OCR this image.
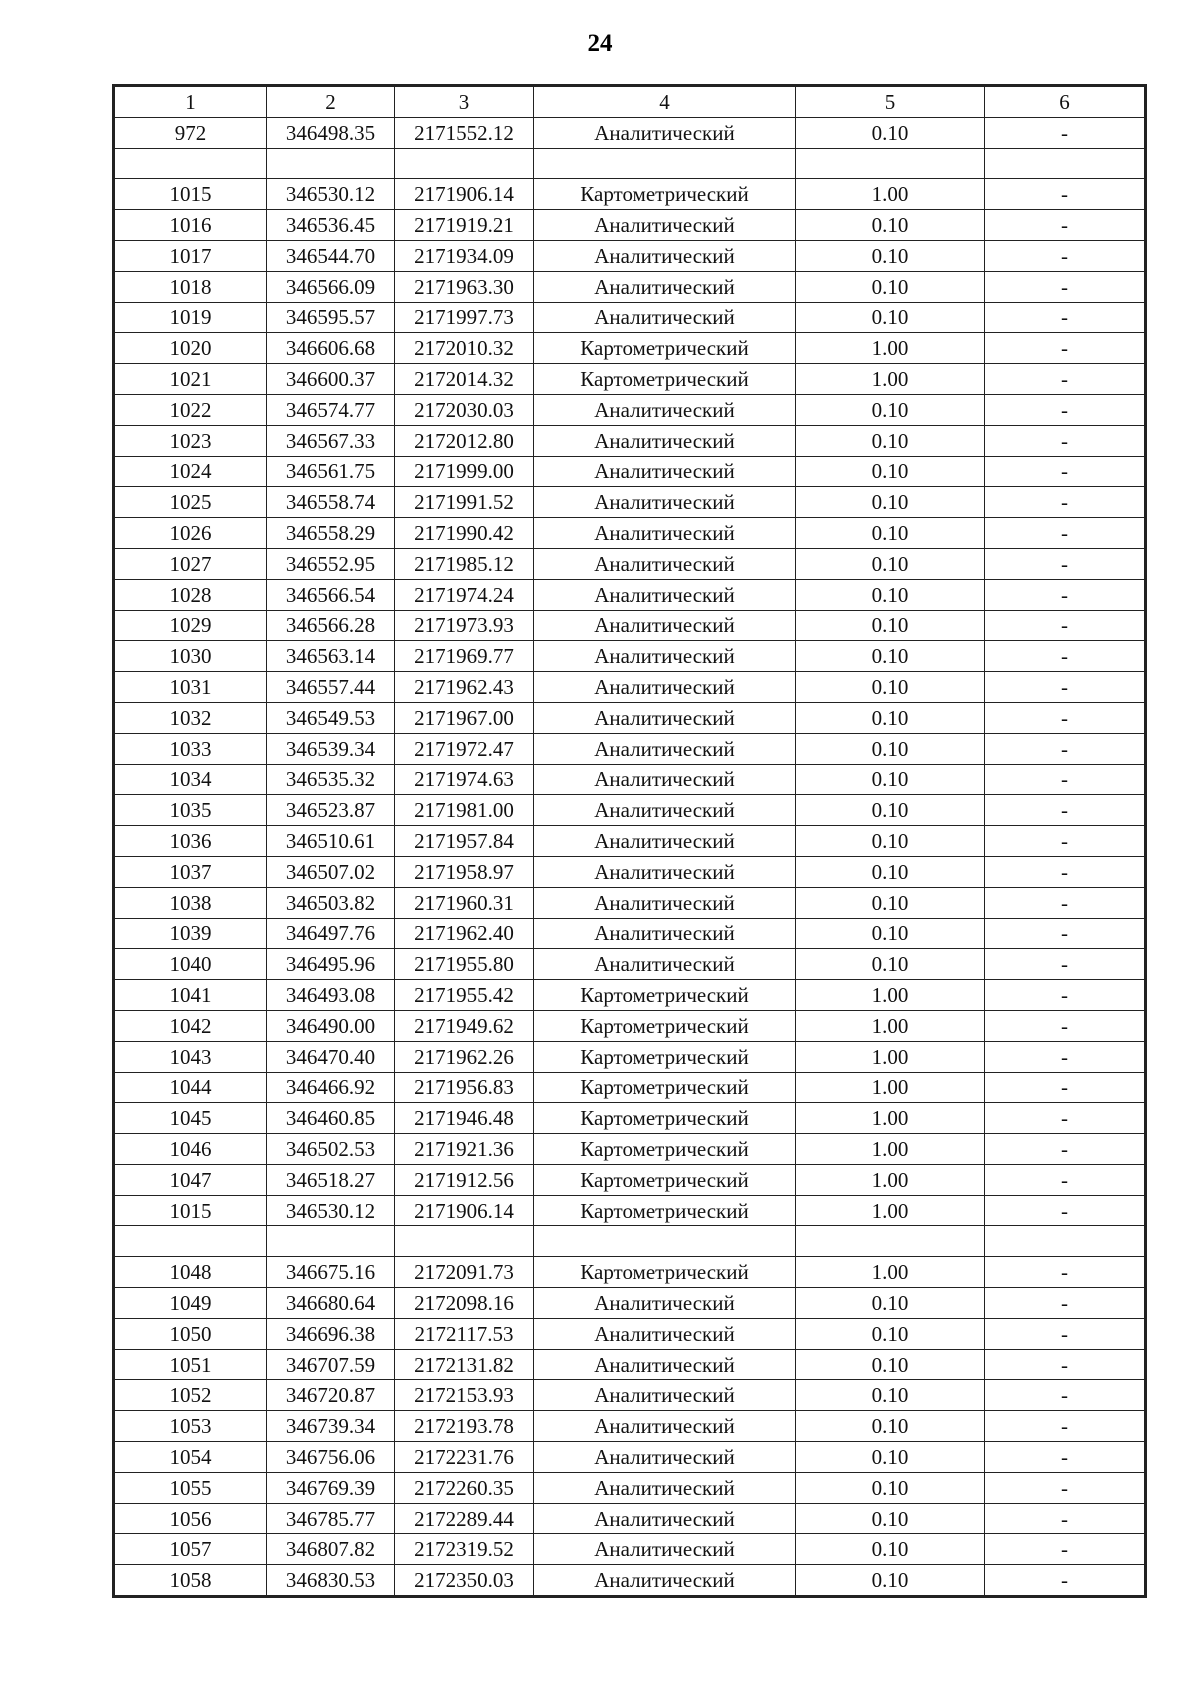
24
1	2	3	4	5	6
972	346498.35	2171552.12	Аналитический	0.10	-

1015	346530.12	2171906.14	Картометрический	1.00	-
1016	346536.45	2171919.21	Аналитический	0.10	-
1017	346544.70	2171934.09	Аналитический	0.10	-
1018	346566.09	2171963.30	Аналитический	0.10	-
1019	346595.57	2171997.73	Аналитический	0.10	-
1020	346606.68	2172010.32	Картометрический	1.00	-
1021	346600.37	2172014.32	Картометрический	1.00	-
1022	346574.77	2172030.03	Аналитический	0.10	-
1023	346567.33	2172012.80	Аналитический	0.10	-
1024	346561.75	2171999.00	Аналитический	0.10	-
1025	346558.74	2171991.52	Аналитический	0.10	-
1026	346558.29	2171990.42	Аналитический	0.10	-
1027	346552.95	2171985.12	Аналитический	0.10	-
1028	346566.54	2171974.24	Аналитический	0.10	-
1029	346566.28	2171973.93	Аналитический	0.10	-
1030	346563.14	2171969.77	Аналитический	0.10	-
1031	346557.44	2171962.43	Аналитический	0.10	-
1032	346549.53	2171967.00	Аналитический	0.10	-
1033	346539.34	2171972.47	Аналитический	0.10	-
1034	346535.32	2171974.63	Аналитический	0.10	-
1035	346523.87	2171981.00	Аналитический	0.10	-
1036	346510.61	2171957.84	Аналитический	0.10	-
1037	346507.02	2171958.97	Аналитический	0.10	-
1038	346503.82	2171960.31	Аналитический	0.10	-
1039	346497.76	2171962.40	Аналитический	0.10	-
1040	346495.96	2171955.80	Аналитический	0.10	-
1041	346493.08	2171955.42	Картометрический	1.00	-
1042	346490.00	2171949.62	Картометрический	1.00	-
1043	346470.40	2171962.26	Картометрический	1.00	-
1044	346466.92	2171956.83	Картометрический	1.00	-
1045	346460.85	2171946.48	Картометрический	1.00	-
1046	346502.53	2171921.36	Картометрический	1.00	-
1047	346518.27	2171912.56	Картометрический	1.00	-
1015	346530.12	2171906.14	Картометрический	1.00	-

1048	346675.16	2172091.73	Картометрический	1.00	-
1049	346680.64	2172098.16	Аналитический	0.10	-
1050	346696.38	2172117.53	Аналитический	0.10	-
1051	346707.59	2172131.82	Аналитический	0.10	-
1052	346720.87	2172153.93	Аналитический	0.10	-
1053	346739.34	2172193.78	Аналитический	0.10	-
1054	346756.06	2172231.76	Аналитический	0.10	-
1055	346769.39	2172260.35	Аналитический	0.10	-
1056	346785.77	2172289.44	Аналитический	0.10	-
1057	346807.82	2172319.52	Аналитический	0.10	-
1058	346830.53	2172350.03	Аналитический	0.10	-
